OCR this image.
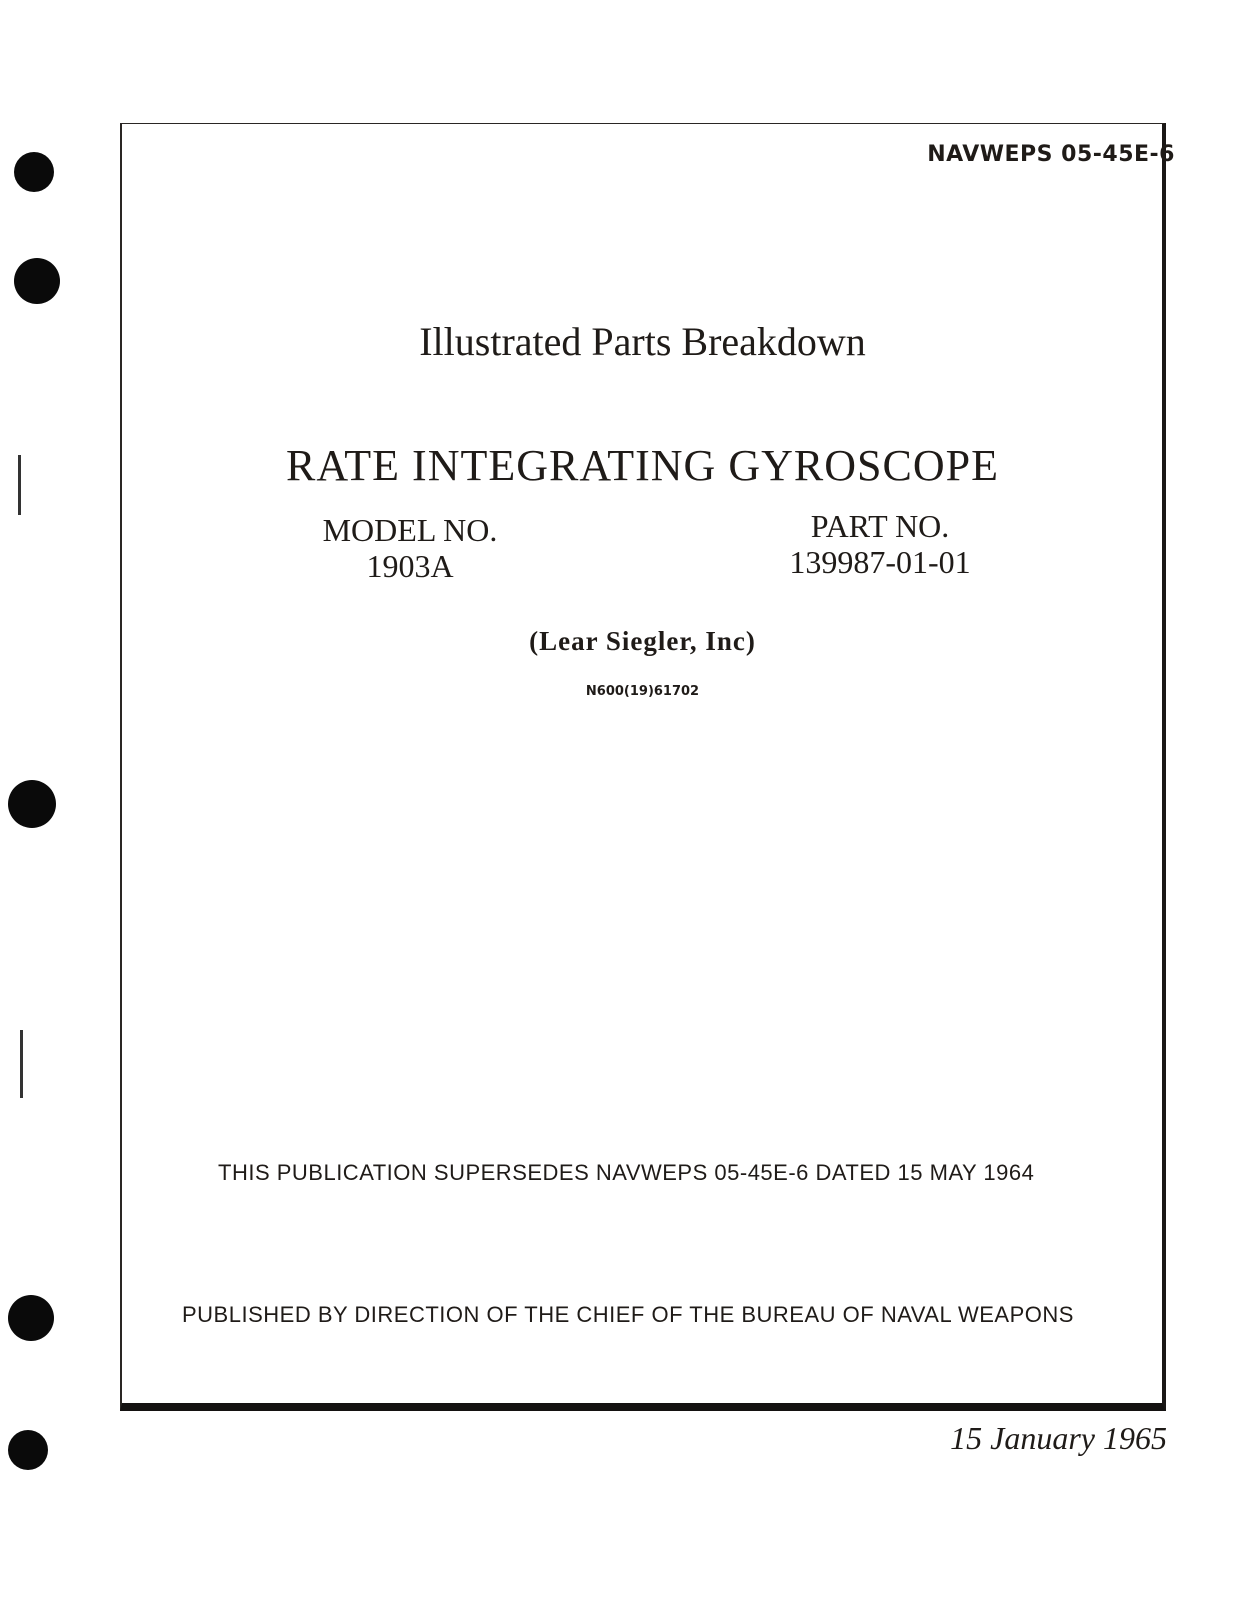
NAVWEPS 05-45E-6
Illustrated Parts Breakdown
RATE INTEGRATING GYROSCOPE
MODEL NO.
1903A
PART NO.
139987-01-01
(Lear Siegler, Inc)
N600(19)61702
THIS PUBLICATION SUPERSEDES NAVWEPS 05-45E-6 DATED 15 MAY 1964
PUBLISHED BY DIRECTION OF THE CHIEF OF THE BUREAU OF NAVAL WEAPONS
15 January 1965
